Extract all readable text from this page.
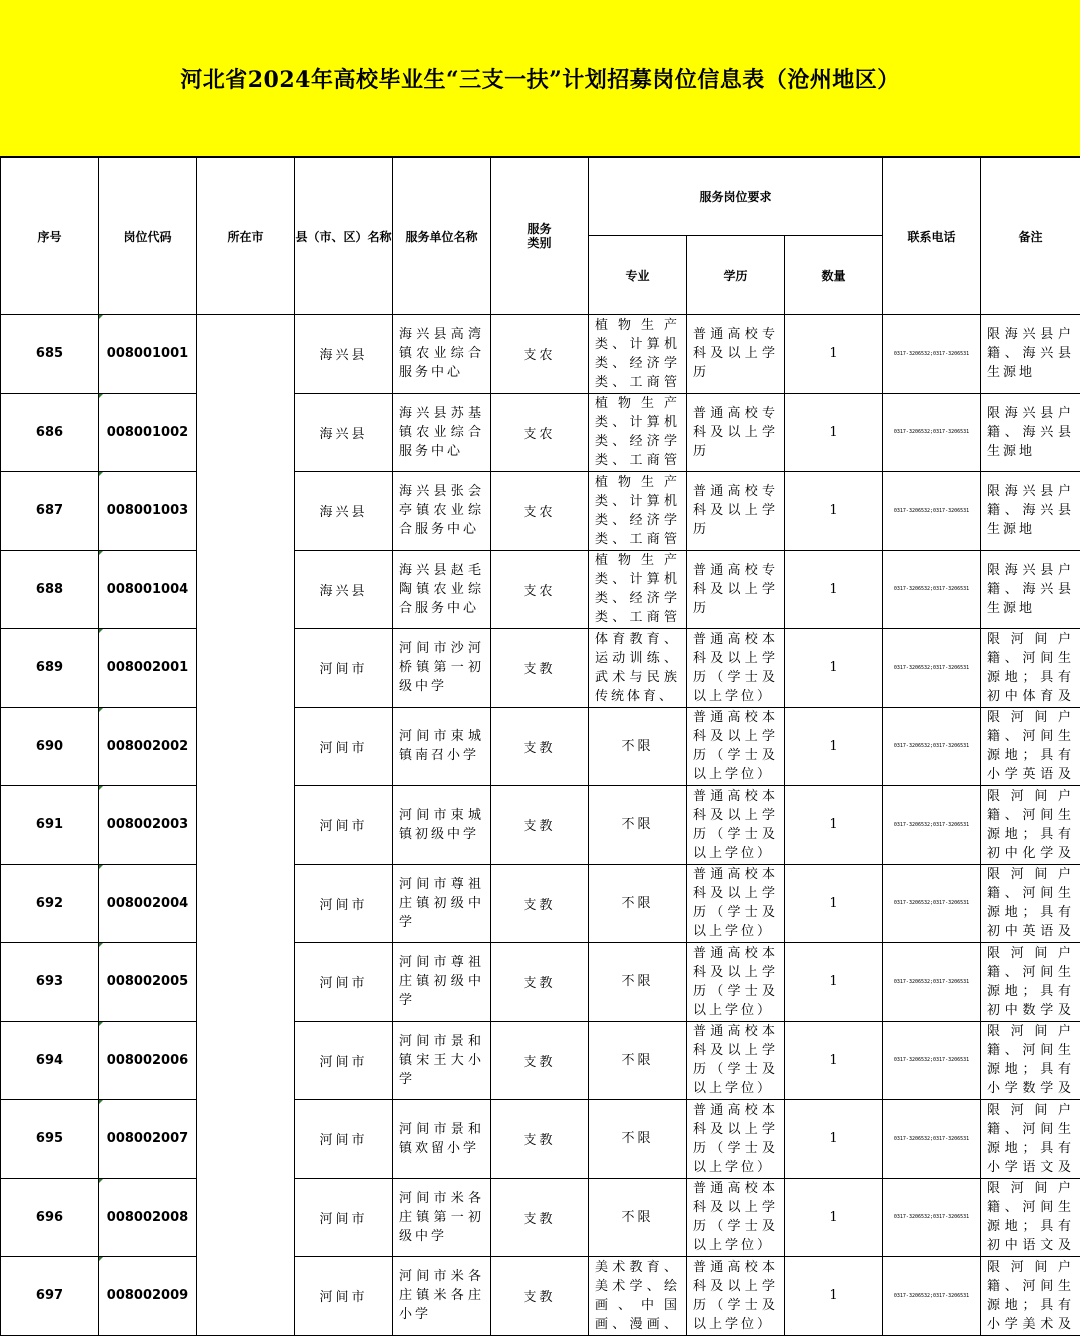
河北省2024年高校毕业生“三支一扶”计划招募岗位信息表（沧州地区）
序号	岗位代码	所在市	县（市、区）名称	服务单位名称	服务类别	服务岗位要求			联系电话	备注
						专业	学历	数量		
685	008001001		海兴县	海兴县高湾镇农业综合服务中心	支农	植物生产类、计算机类、经济学类、工商管	普通高校专科及以上学历	1	0317-3206532;0317-3206531	限海兴县户籍、海兴县生源地

686	008001002		海兴县	海兴县苏基镇农业综合服务中心	支农	植物生产类、计算机类、经济学类、工商管	普通高校专科及以上学历	1	0317-3206532;0317-3206531	限海兴县户籍、海兴县生源地

687	008001003		海兴县	海兴县张会亭镇农业综合服务中心	支农	植物生产类、计算机类、经济学类、工商管	普通高校专科及以上学历	1	0317-3206532;0317-3206531	限海兴县户籍、海兴县生源地

688	008001004		海兴县	海兴县赵毛陶镇农业综合服务中心	支农	植物生产类、计算机类、经济学类、工商管	普通高校专科及以上学历	1	0317-3206532;0317-3206531	限海兴县户籍、海兴县生源地

689	008002001		河间市	河间市沙河桥镇第一初级中学	支教	体育教育、运动训练、武术与民族传统体育、	普通高校本科及以上学历（学士及以上学位）	1	0317-3206532;0317-3206531	限河间户籍、河间生源地；具有初中体育及

690	008002002		河间市	河间市束城镇南召小学	支教	不限	普通高校本科及以上学历（学士及以上学位）	1	0317-3206532;0317-3206531	限河间户籍、河间生源地；具有小学英语及

691	008002003		河间市	河间市束城镇初级中学	支教	不限	普通高校本科及以上学历（学士及以上学位）	1	0317-3206532;0317-3206531	限河间户籍、河间生源地；具有初中化学及

692	008002004		河间市	河间市尊祖庄镇初级中学	支教	不限	普通高校本科及以上学历（学士及以上学位）	1	0317-3206532;0317-3206531	限河间户籍、河间生源地；具有初中英语及

693	008002005		河间市	河间市尊祖庄镇初级中学	支教	不限	普通高校本科及以上学历（学士及以上学位）	1	0317-3206532;0317-3206531	限河间户籍、河间生源地；具有初中数学及

694	008002006		河间市	河间市景和镇宋王大小学	支教	不限	普通高校本科及以上学历（学士及以上学位）	1	0317-3206532;0317-3206531	限河间户籍、河间生源地；具有小学数学及

695	008002007		河间市	河间市景和镇欢留小学	支教	不限	普通高校本科及以上学历（学士及以上学位）	1	0317-3206532;0317-3206531	限河间户籍、河间生源地；具有小学语文及

696	008002008		河间市	河间市米各庄镇第一初级中学	支教	不限	普通高校本科及以上学历（学士及以上学位）	1	0317-3206532;0317-3206531	限河间户籍、河间生源地；具有初中语文及

697	008002009		河间市	河间市米各庄镇米各庄小学	支教	美术教育、美术学、绘画、中国画、漫画、	普通高校本科及以上学历（学士及以上学位）	1	0317-3206532;0317-3206531	限河间户籍、河间生源地；具有小学美术及
